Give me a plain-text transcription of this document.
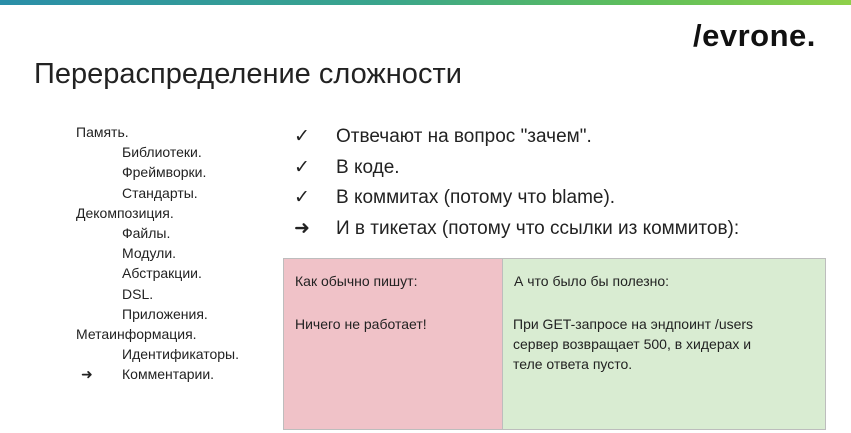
/evrone.
Перераспределение сложности
Память.
Библиотеки.
Фреймворки.
Стандарты.
Декомпозиция.
Файлы.
Модули.
Абстракции.
DSL.
Приложения.
Метаинформация.
Идентификаторы.
➜ Комментарии.
✓	Отвечают на вопрос "зачем".
✓	В коде.
✓	В коммитах (потому что blame).
➜	И в тикетах (потому что ссылки из коммитов):
Как обычно пишут:
Ничего не работает!
А что было бы полезно:
При GET-запросе на эндпоинт /users
сервер возвращает 500, в хидерах и
теле ответа пусто.
